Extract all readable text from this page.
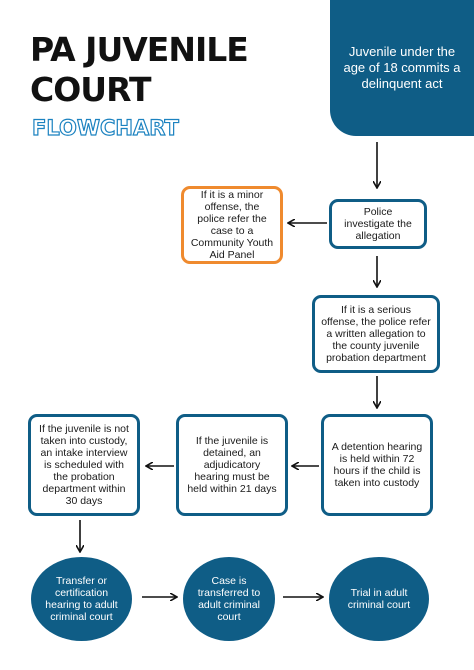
PA JUVENILE
COURT
FLOWCHART
Juvenile under the age of 18 commits a delinquent act
Police investigate the allegation
If it is a minor offense, the police refer the case to a Community Youth Aid Panel
If it is a serious offense, the police refer a written allegation to the county juvenile probation department
A detention hearing is held within 72 hours if the child is taken into custody
If the juvenile is detained, an adjudicatory hearing must be held within 21 days
If the juvenile is not taken into custody, an intake interview is scheduled with the probation department within 30 days
Transfer or certification hearing to adult criminal court
Case is transferred to adult criminal court
Trial in adult criminal court
